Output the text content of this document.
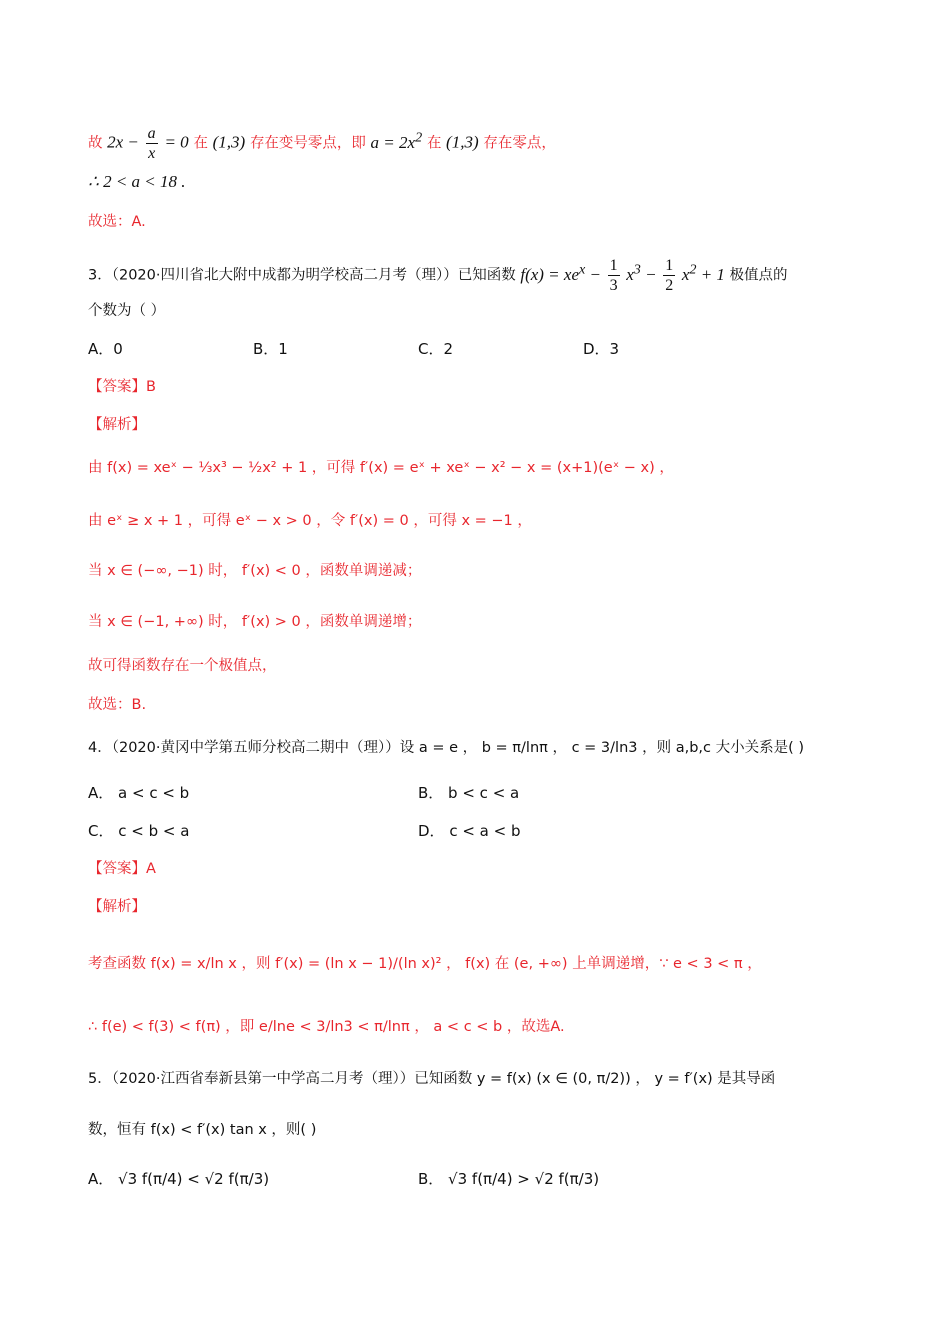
故 $2x - \frac{a}{x} = 0$ 在 (1,3) 存在变号零点，即 $a = 2x^2$ 在 (1,3) 存在零点，
∴ 2 < a < 18 .
故选：A.
3．（2020·四川省北大附中成都为明学校高二月考（理））已知函数 $f(x) = xe^x - \frac{1}{3} x^3 - \frac{1}{2} x^2 + 1$ 极值点的
个数为（ ）
A．0	B．1	C．2	D．3
【答案】B
【解析】
由 f(x) = xeˣ − ⅓x³ − ½x² + 1 ，可得 f′(x) = eˣ + xeˣ − x² − x = (x+1)(eˣ − x) ，
由 eˣ ≥ x + 1 ，可得 eˣ − x > 0 ，令 f′(x) = 0 ，可得 x = −1 ，
当 x ∈ (−∞, −1) 时， f′(x) < 0 ，函数单调递减；
当 x ∈ (−1, +∞) 时， f′(x) > 0 ，函数单调递增；
故可得函数存在一个极值点，
故选：B.
4．（2020·黄冈中学第五师分校高二期中（理））设 a = e ， b = π/lnπ ， c = 3/ln3 ，则 a,b,c 大小关系是( )
A． a < c < b	B． b < c < a
C． c < b < a	D． c < a < b
【答案】A
【解析】
考查函数 f(x) = x/ln x ，则 f′(x) = (ln x − 1)/(ln x)² ， f(x) 在 (e, +∞) 上单调递增，∵ e < 3 < π ，
∴ f(e) < f(3) < f(π) ，即 e/lne < 3/ln3 < π/lnπ ， a < c < b ，故选A.
5．（2020·江西省奉新县第一中学高二月考（理））已知函数 y = f(x) (x ∈ (0, π/2)) ， y = f′(x) 是其导函
数，恒有 f(x) < f′(x) tan x ，则( )
A． √3 f(π/4) < √2 f(π/3)	B． √3 f(π/4) > √2 f(π/3)
